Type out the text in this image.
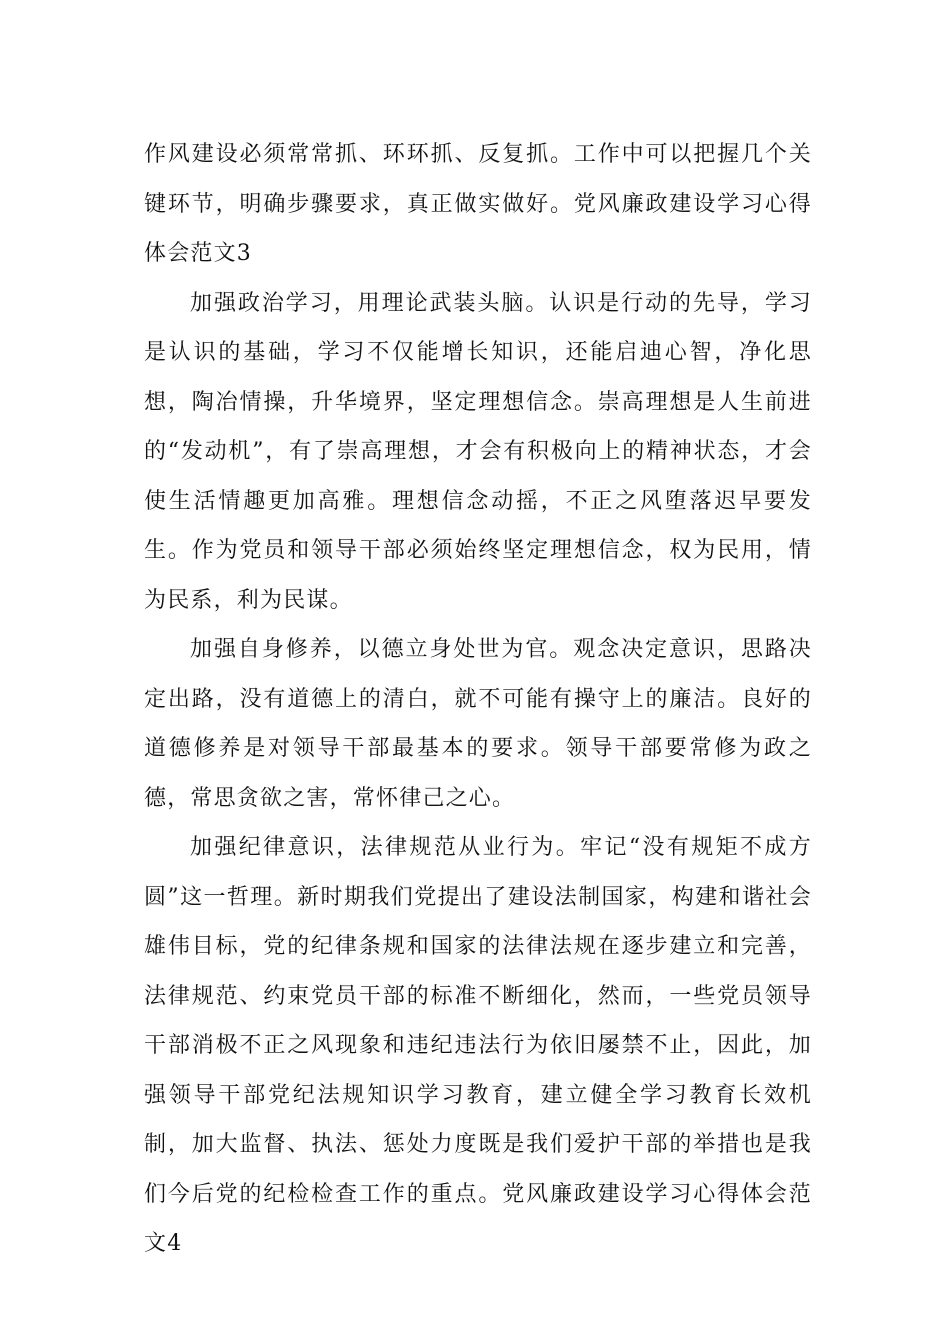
作风建设必须常常抓、环环抓、反复抓。工作中可以把握几个关键环节，明确步骤要求，真正做实做好。党风廉政建设学习心得体会范文3

加强政治学习，用理论武装头脑。认识是行动的先导，学习是认识的基础，学习不仅能增长知识，还能启迪心智，净化思想，陶冶情操，升华境界，坚定理想信念。崇高理想是人生前进的“发动机”，有了崇高理想，才会有积极向上的精神状态，才会使生活情趣更加高雅。理想信念动摇，不正之风堕落迟早要发生。作为党员和领导干部必须始终坚定理想信念，权为民用，情为民系，利为民谋。

加强自身修养，以德立身处世为官。观念决定意识，思路决定出路，没有道德上的清白，就不可能有操守上的廉洁。良好的道德修养是对领导干部最基本的要求。领导干部要常修为政之德，常思贪欲之害，常怀律己之心。

加强纪律意识，法律规范从业行为。牢记“没有规矩不成方圆”这一哲理。新时期我们党提出了建设法制国家，构建和谐社会雄伟目标，党的纪律条规和国家的法律法规在逐步建立和完善，法律规范、约束党员干部的标准不断细化，然而，一些党员领导干部消极不正之风现象和违纪违法行为依旧屡禁不止，因此，加强领导干部党纪法规知识学习教育，建立健全学习教育长效机制，加大监督、执法、惩处力度既是我们爱护干部的举措也是我们今后党的纪检检查工作的重点。党风廉政建设学习心得体会范文4
